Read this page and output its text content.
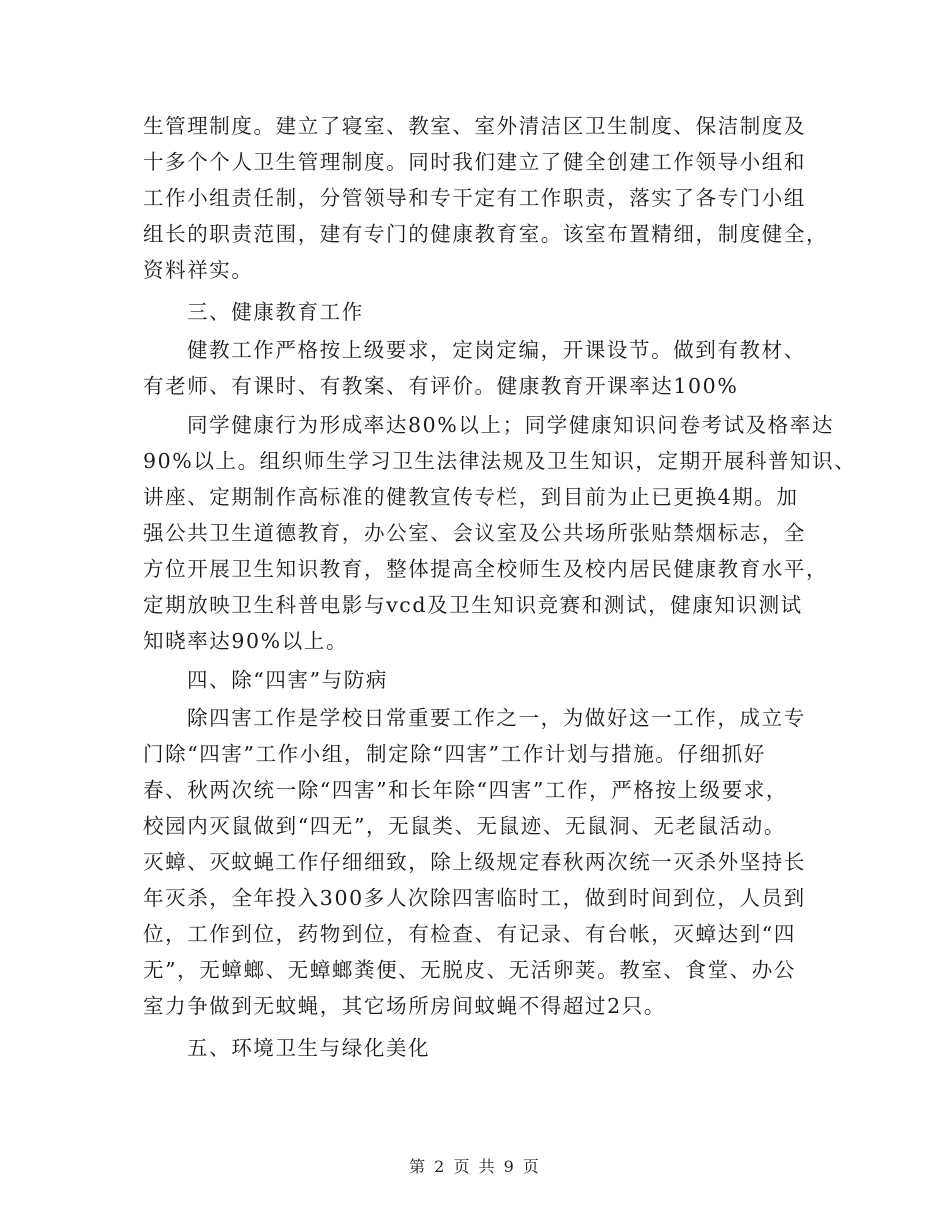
生管理制度。建立了寝室、教室、室外清洁区卫生制度、保洁制度及
十多个个人卫生管理制度。同时我们建立了健全创建工作领导小组和
工作小组责任制，分管领导和专干定有工作职责，落实了各专门小组
组长的职责范围，建有专门的健康教育室。该室布置精细，制度健全，
资料祥实。
三、健康教育工作
健教工作严格按上级要求，定岗定编，开课设节。做到有教材、
有老师、有课时、有教案、有评价。健康教育开课率达100%
同学健康行为形成率达80%以上；同学健康知识问卷考试及格率达
90%以上。组织师生学习卫生法律法规及卫生知识，定期开展科普知识、
讲座、定期制作高标准的健教宣传专栏，到目前为止已更换4期。加
强公共卫生道德教育，办公室、会议室及公共场所张贴禁烟标志，全
方位开展卫生知识教育，整体提高全校师生及校内居民健康教育水平，
定期放映卫生科普电影与vcd及卫生知识竞赛和测试，健康知识测试
知晓率达90%以上。
四、除“四害”与防病
除四害工作是学校日常重要工作之一，为做好这一工作，成立专
门除“四害”工作小组，制定除“四害”工作计划与措施。仔细抓好
春、秋两次统一除“四害”和长年除“四害”工作，严格按上级要求，
校园内灭鼠做到“四无”，无鼠类、无鼠迹、无鼠洞、无老鼠活动。
灭蟑、灭蚊蝇工作仔细细致，除上级规定春秋两次统一灭杀外坚持长
年灭杀，全年投入300多人次除四害临时工，做到时间到位，人员到
位，工作到位，药物到位，有检查、有记录、有台帐，灭蟑达到“四
无”，无蟑螂、无蟑螂粪便、无脱皮、无活卵荚。教室、食堂、办公
室力争做到无蚊蝇，其它场所房间蚊蝇不得超过2只。
五、环境卫生与绿化美化
第 2 页 共 9 页
